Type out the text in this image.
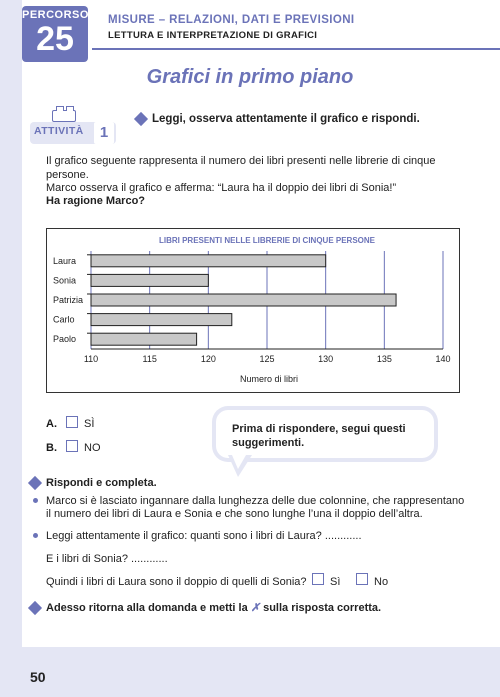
PERCORSO
25	MISURE – RELAZIONI, DATI E PREVISIONI
LETTURA E INTERPRETAZIONE DI GRAFICI
Grafici in primo piano
ATTIVITÀ	1
Leggi, osserva attentamente il grafico e rispondi.
Il grafico seguente rappresenta il numero dei libri presenti nelle librerie di cinque
persone.
Marco osserva il grafico e afferma: “Laura ha il doppio dei libri di Sonia!”
Ha ragione Marco?
LIBRI PRESENTI NELLE LIBRERIE DI CINQUE PERSONE
Numero di libri
110	115	120	125	130	135	140
Laura
Sonia
Patrizia
Carlo
Paolo
A. SÌ
B. NO
Prima di rispondere, segui questi suggerimenti.
Rispondi e completa.
Marco si è lasciato ingannare dalla lunghezza delle due colonnine, che rappresentano
il numero dei libri di Laura e Sonia e che sono lunghe l’una il doppio dell’altra.
Leggi attentamente il grafico: quanti sono i libri di Laura? ............
E i libri di Sonia? ............
Quindi i libri di Laura sono il doppio di quelli di Sonia? Sì	No
Adesso ritorna alla domanda e metti la ✗ sulla risposta corretta.
50
